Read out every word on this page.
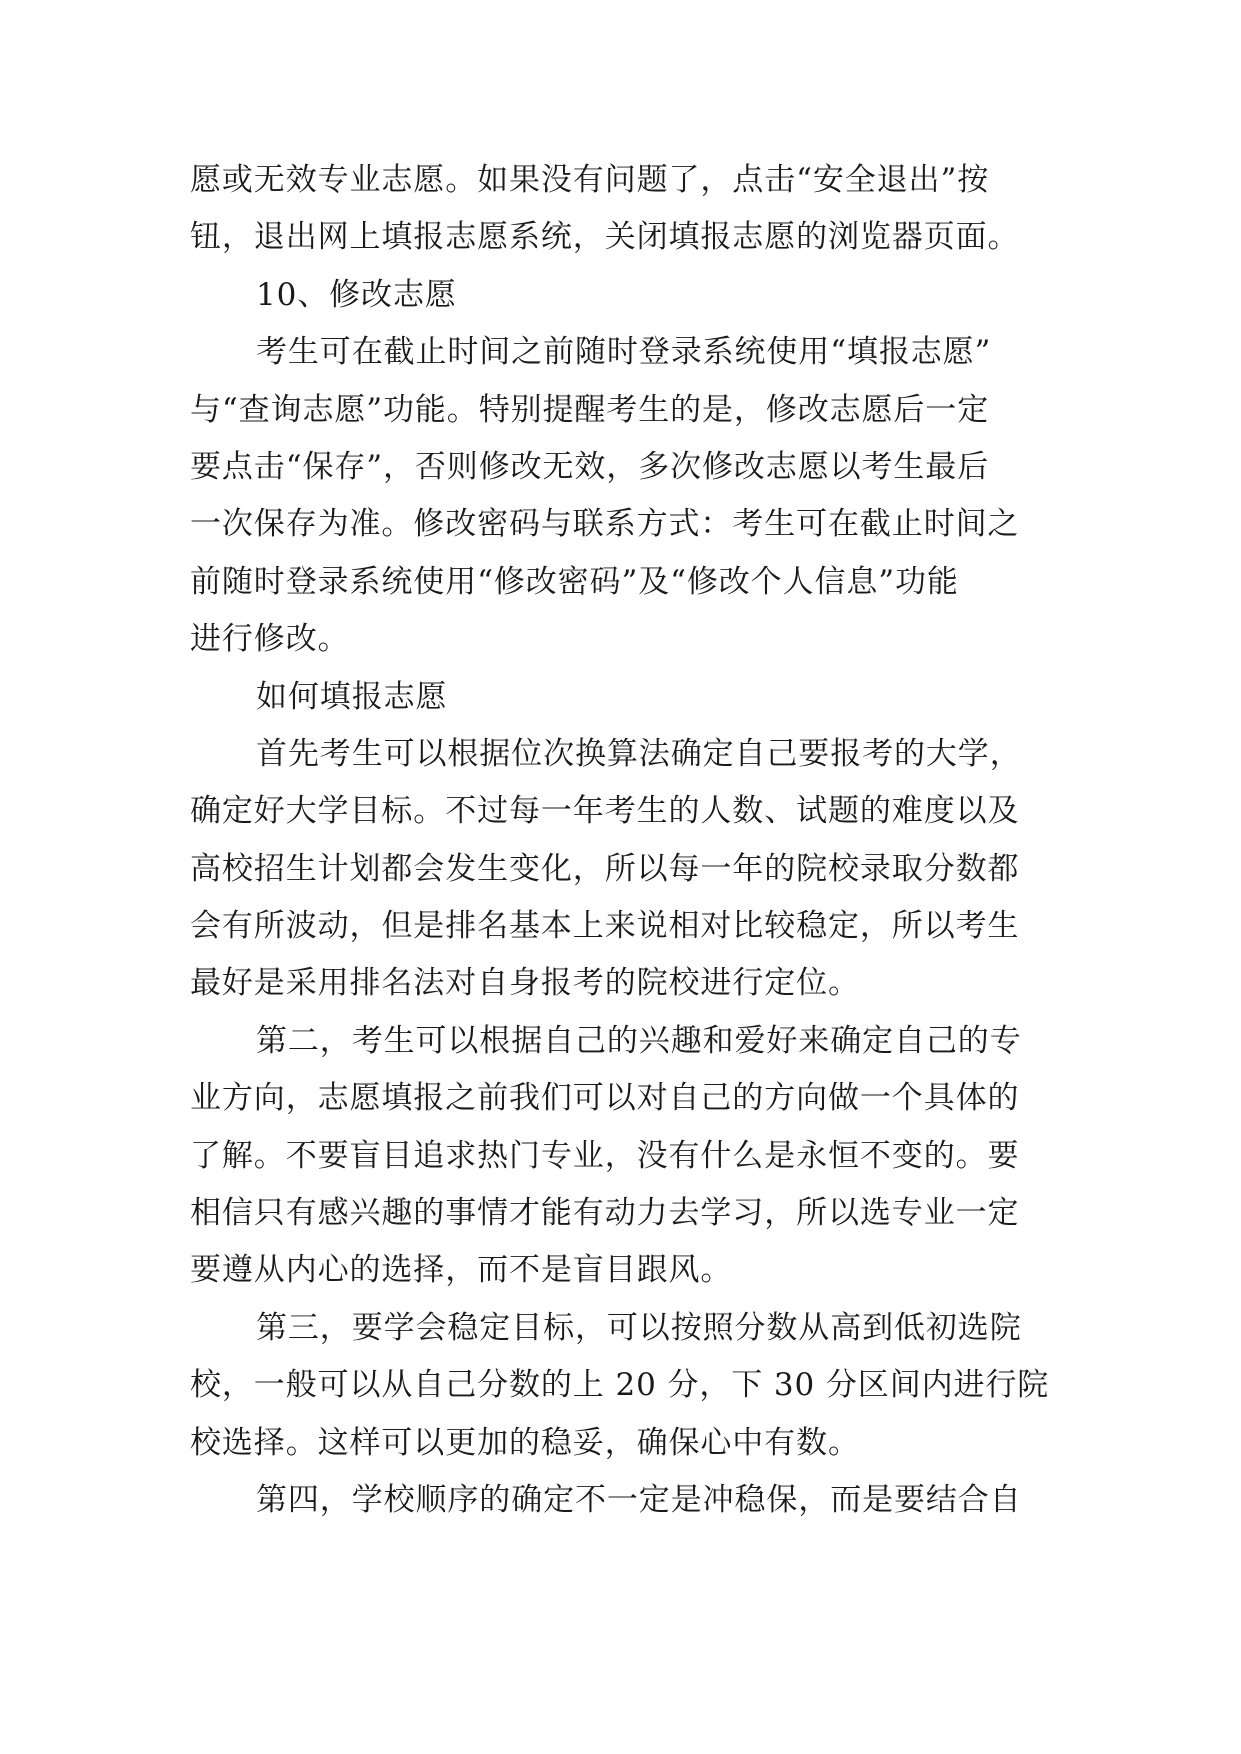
愿或无效专业志愿。如果没有问题了，点击“安全退出”按
钮，退出网上填报志愿系统，关闭填报志愿的浏览器页面。
10、修改志愿
考生可在截止时间之前随时登录系统使用“填报志愿”
与“查询志愿”功能。特别提醒考生的是，修改志愿后一定
要点击“保存”，否则修改无效，多次修改志愿以考生最后
一次保存为准。修改密码与联系方式：考生可在截止时间之
前随时登录系统使用“修改密码”及“修改个人信息”功能
进行修改。
如何填报志愿
首先考生可以根据位次换算法确定自己要报考的大学，
确定好大学目标。不过每一年考生的人数、试题的难度以及
高校招生计划都会发生变化，所以每一年的院校录取分数都
会有所波动，但是排名基本上来说相对比较稳定，所以考生
最好是采用排名法对自身报考的院校进行定位。
第二，考生可以根据自己的兴趣和爱好来确定自己的专
业方向，志愿填报之前我们可以对自己的方向做一个具体的
了解。不要盲目追求热门专业，没有什么是永恒不变的。要
相信只有感兴趣的事情才能有动力去学习，所以选专业一定
要遵从内心的选择，而不是盲目跟风。
第三，要学会稳定目标，可以按照分数从高到低初选院
校，一般可以从自己分数的上 20 分，下 30 分区间内进行院
校选择。这样可以更加的稳妥，确保心中有数。
第四，学校顺序的确定不一定是冲稳保，而是要结合自
